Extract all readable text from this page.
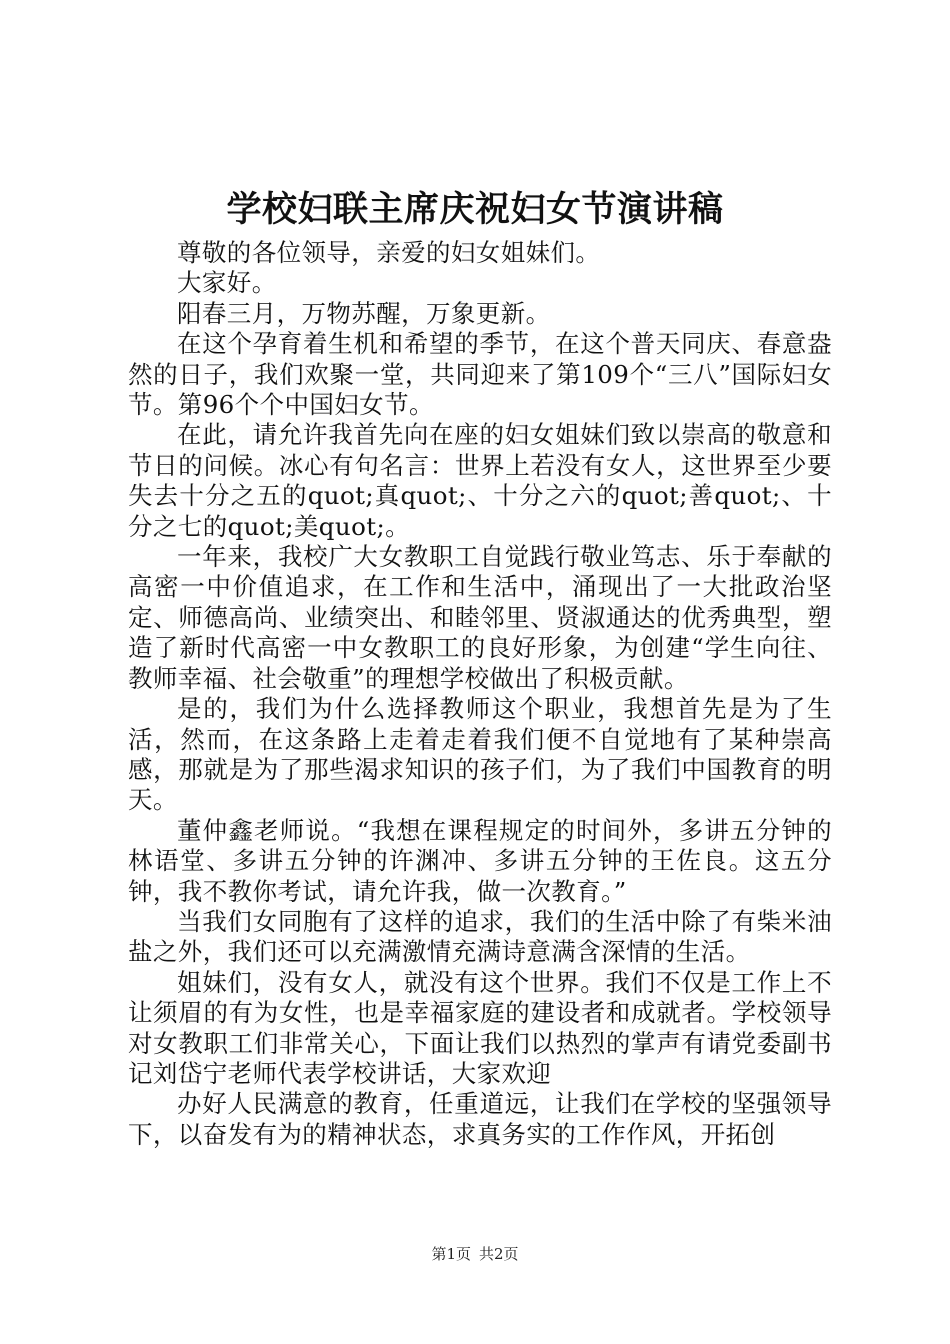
学校妇联主席庆祝妇女节演讲稿

尊敬的各位领导，亲爱的妇女姐妹们。

大家好。

阳春三月，万物苏醒，万象更新。

在这个孕育着生机和希望的季节，在这个普天同庆、春意盎然的日子，我们欢聚一堂，共同迎来了第109个“三八”国际妇女节。第96个个中国妇女节。

在此，请允许我首先向在座的妇女姐妹们致以崇高的敬意和节日的问候。冰心有句名言：世界上若没有女人，这世界至少要失去十分之五的quot;真quot;、十分之六的quot;善quot;、十分之七的quot;美quot;。

一年来，我校广大女教职工自觉践行敬业笃志、乐于奉献的高密一中价值追求，在工作和生活中，涌现出了一大批政治坚定、师德高尚、业绩突出、和睦邻里、贤淑通达的优秀典型，塑造了新时代高密一中女教职工的良好形象，为创建“学生向往、教师幸福、社会敬重”的理想学校做出了积极贡献。

是的，我们为什么选择教师这个职业，我想首先是为了生活，然而，在这条路上走着走着我们便不自觉地有了某种崇高感，那就是为了那些渴求知识的孩子们，为了我们中国教育的明天。

董仲鑫老师说。“我想在课程规定的时间外，多讲五分钟的林语堂、多讲五分钟的许渊冲、多讲五分钟的王佐良。这五分钟，我不教你考试，请允许我，做一次教育。”

当我们女同胞有了这样的追求，我们的生活中除了有柴米油盐之外，我们还可以充满激情充满诗意满含深情的生活。

姐妹们，没有女人，就没有这个世界。我们不仅是工作上不让须眉的有为女性，也是幸福家庭的建设者和成就者。学校领导对女教职工们非常关心，下面让我们以热烈的掌声有请党委副书记刘岱宁老师代表学校讲话，大家欢迎

办好人民满意的教育，任重道远，让我们在学校的坚强领导下，以奋发有为的精神状态，求真务实的工作作风，开拓创

第1页 共2页
